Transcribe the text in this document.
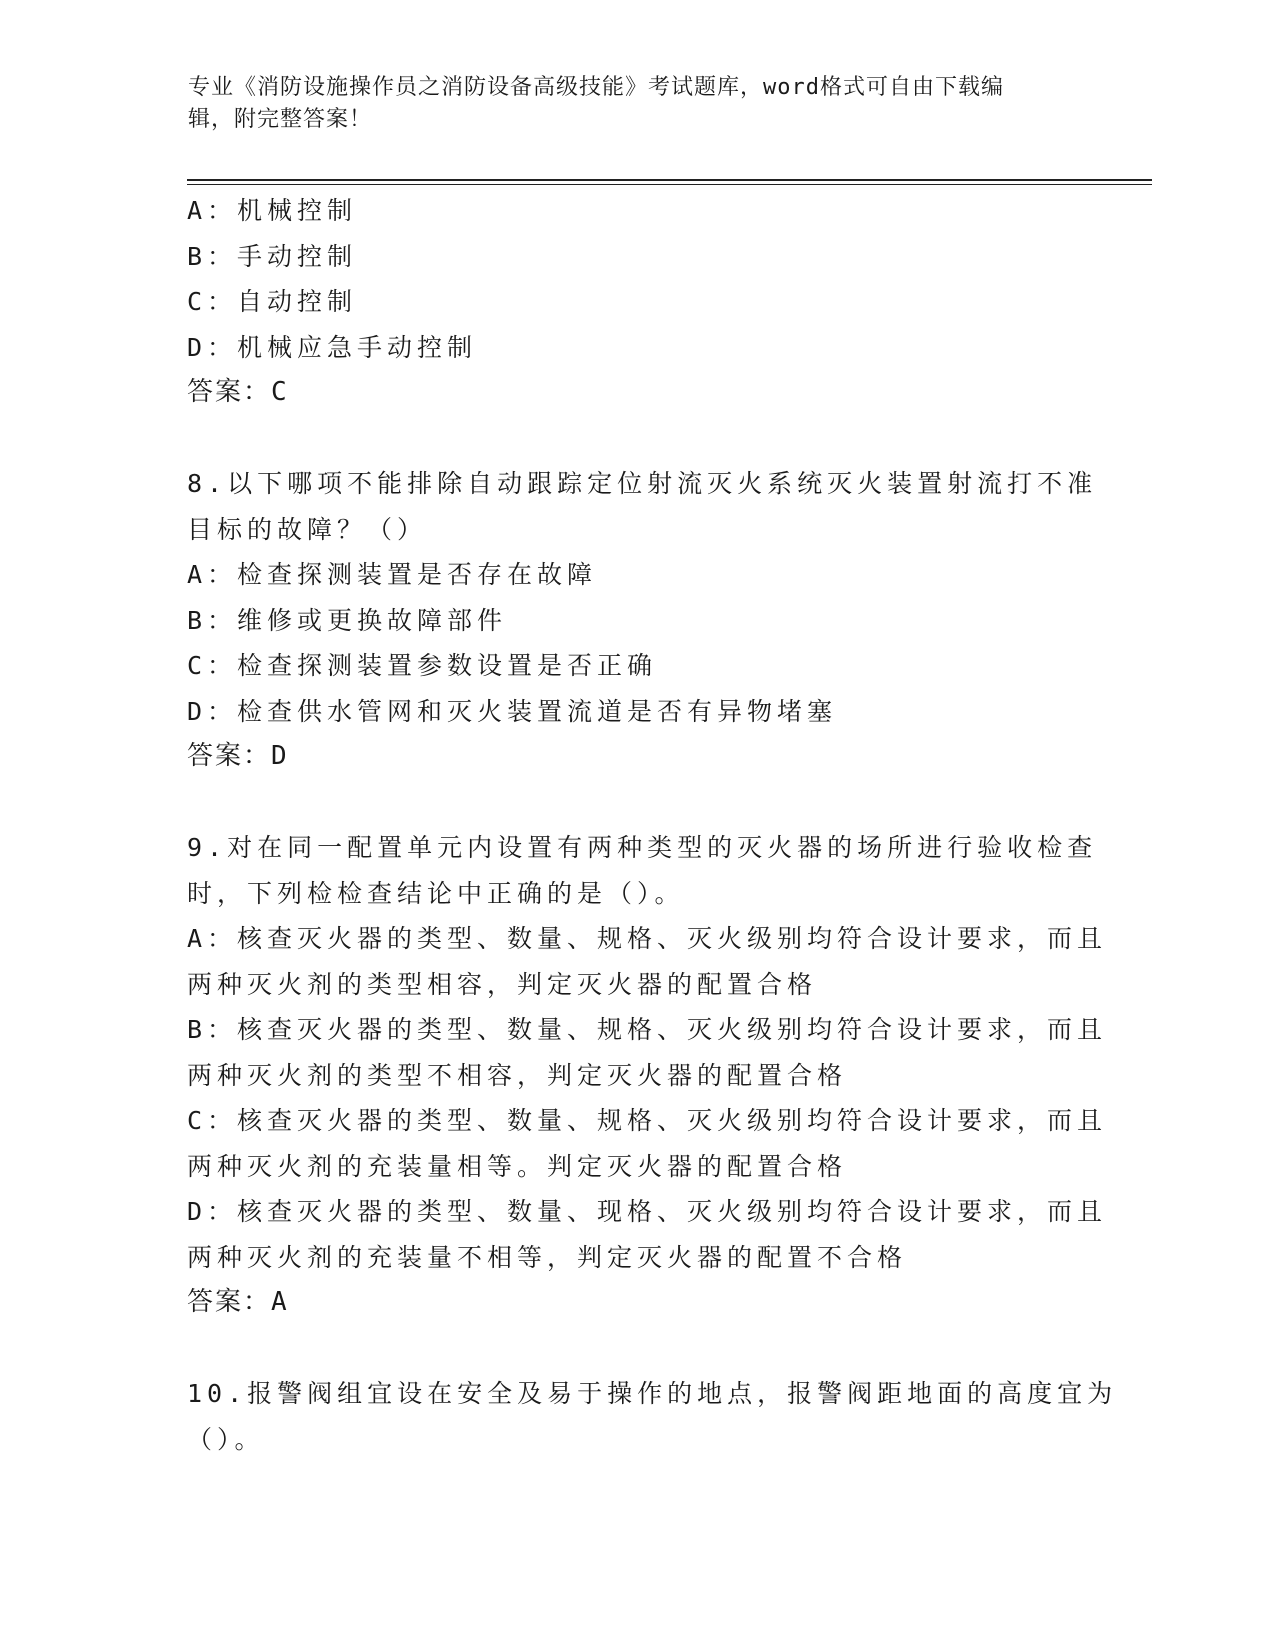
专业《消防设施操作员之消防设备高级技能》考试题库，word格式可自由下载编
辑，附完整答案！
A：机械控制
B：手动控制
C：自动控制
D：机械应急手动控制
答案：C
8.以下哪项不能排除自动跟踪定位射流灭火系统灭火装置射流打不准
目标的故障？（）
A：检查探测装置是否存在故障
B：维修或更换故障部件
C：检查探测装置参数设置是否正确
D：检查供水管网和灭火装置流道是否有异物堵塞
答案：D
9.对在同一配置单元内设置有两种类型的灭火器的场所进行验收检查
时，下列检检查结论中正确的是（）。
A：核查灭火器的类型、数量、规格、灭火级别均符合设计要求，而且
两种灭火剂的类型相容，判定灭火器的配置合格
B：核查灭火器的类型、数量、规格、灭火级别均符合设计要求，而且
两种灭火剂的类型不相容，判定灭火器的配置合格
C：核查灭火器的类型、数量、规格、灭火级别均符合设计要求，而且
两种灭火剂的充装量相等。判定灭火器的配置合格
D：核查灭火器的类型、数量、现格、灭火级别均符合设计要求，而且
两种灭火剂的充装量不相等，判定灭火器的配置不合格
答案：A
10.报警阀组宜设在安全及易于操作的地点，报警阀距地面的高度宜为
（）。
